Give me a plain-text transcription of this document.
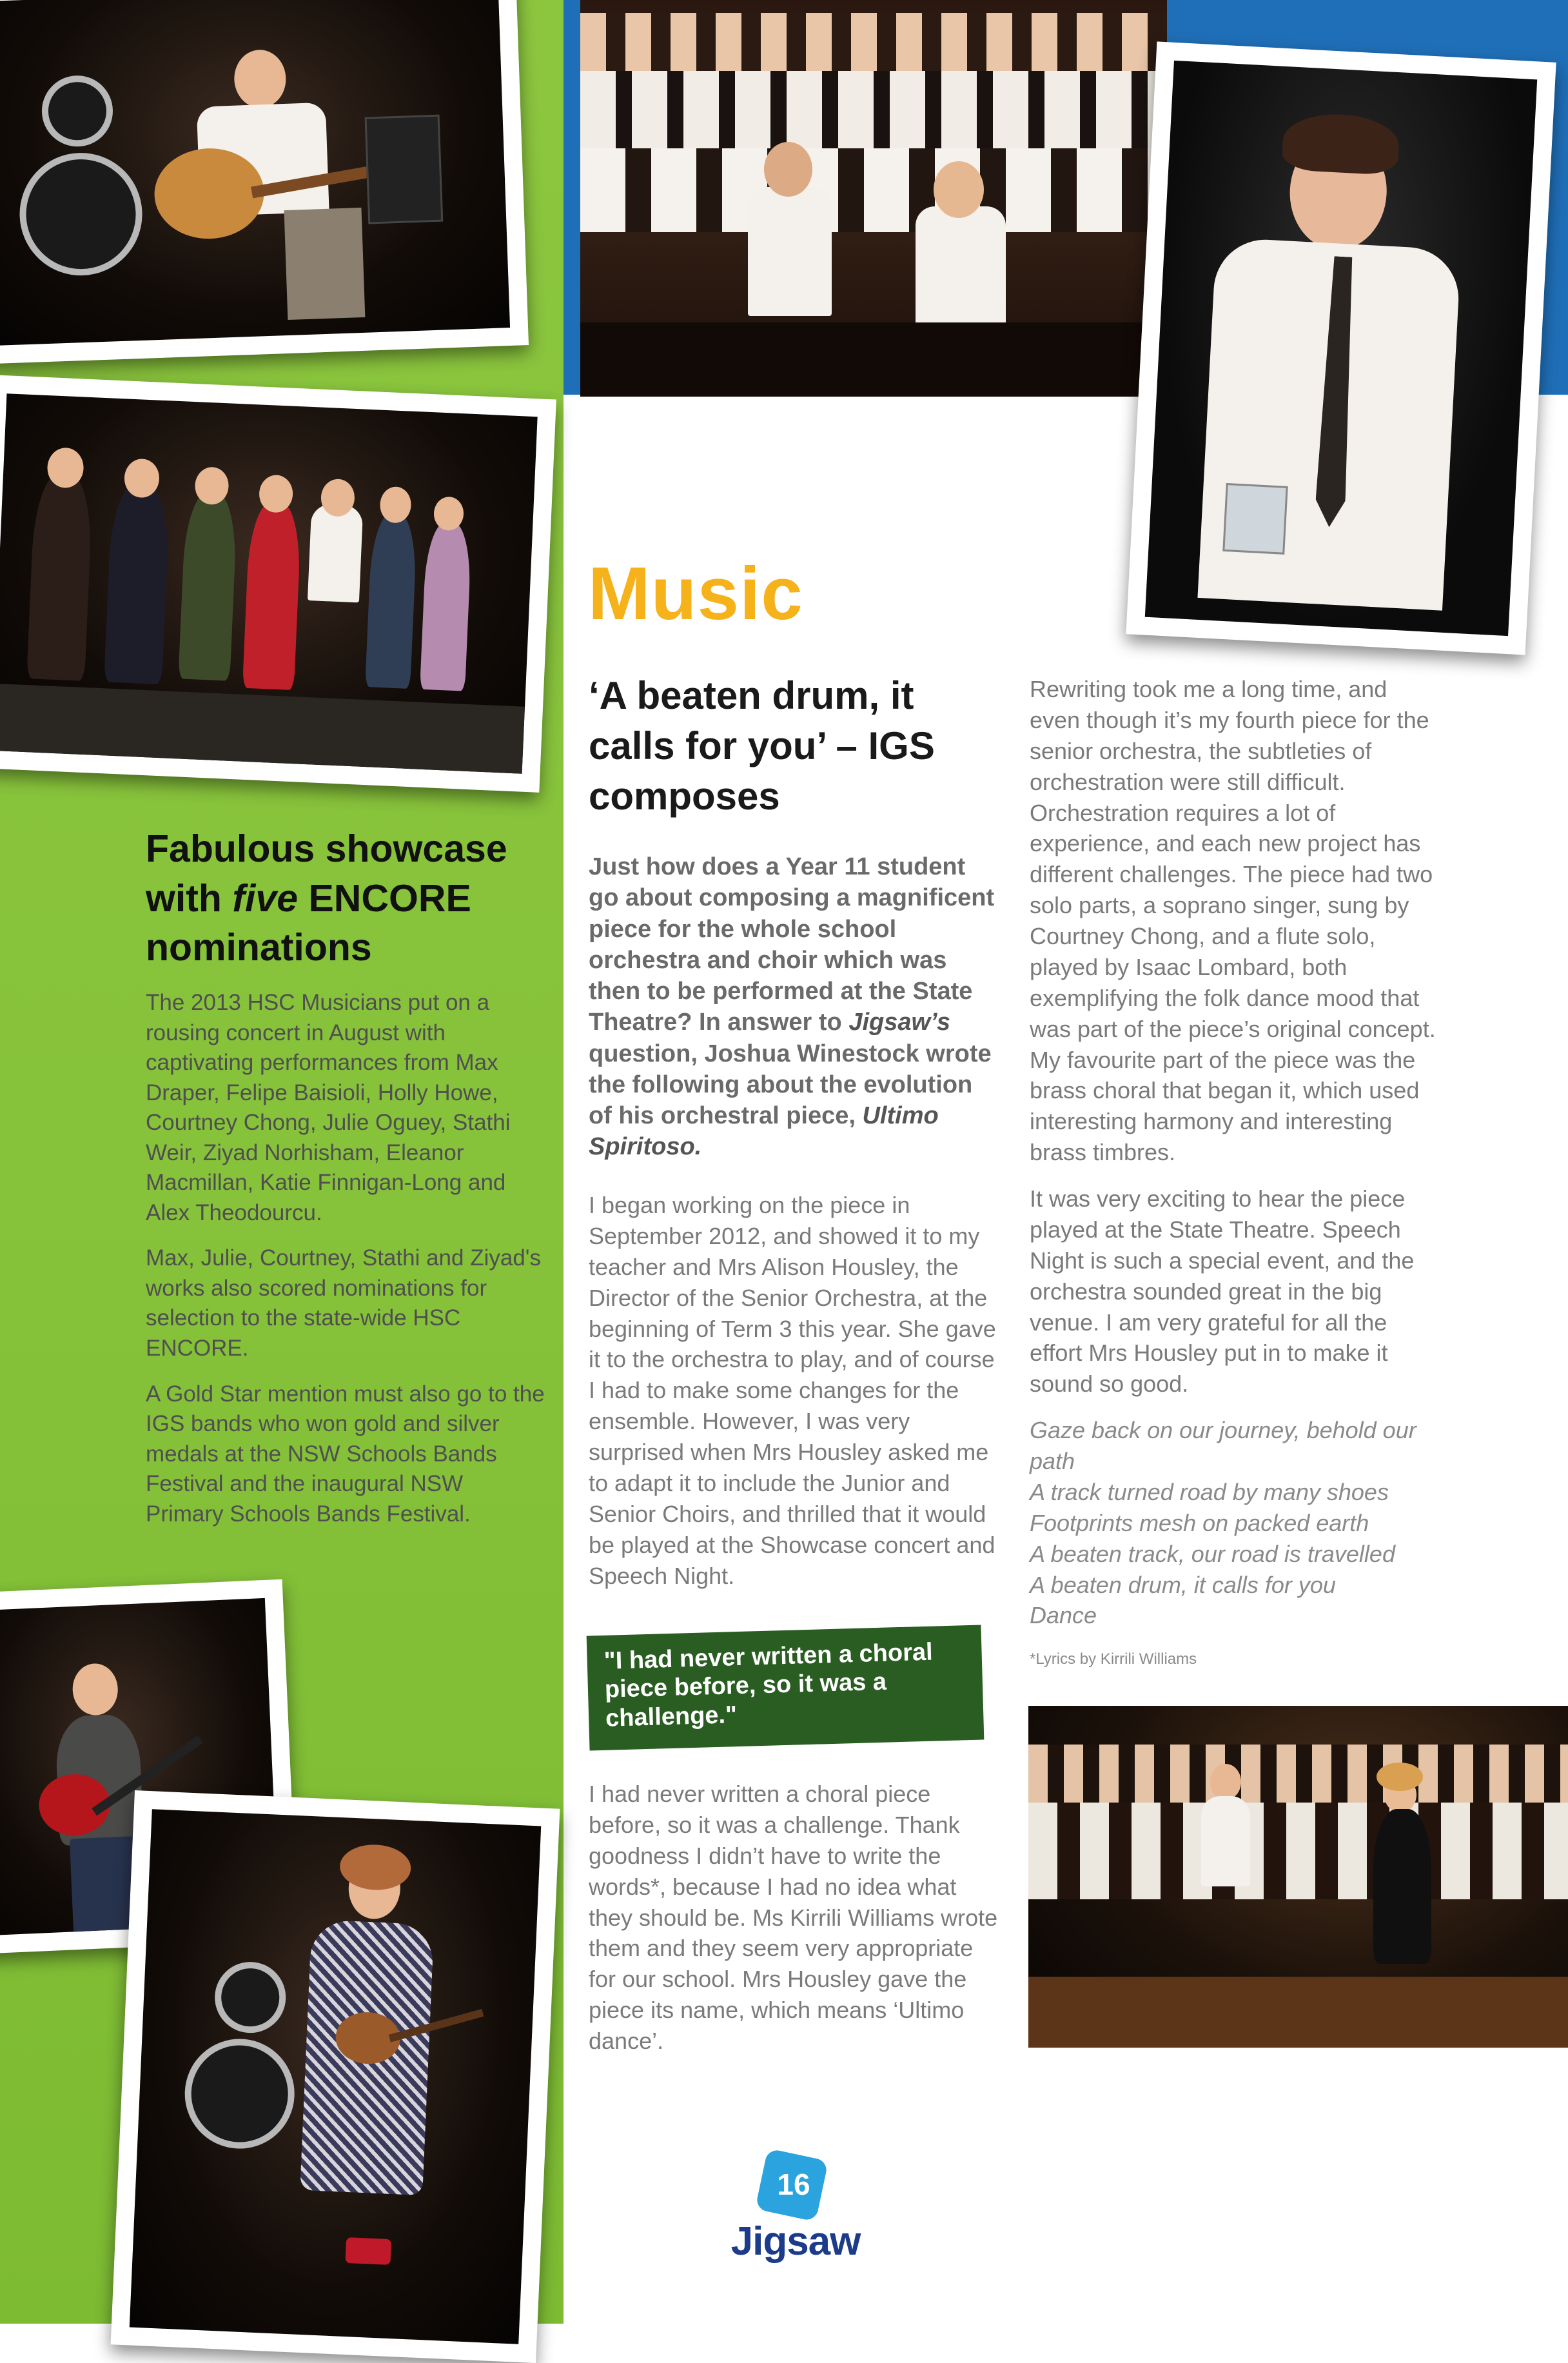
Fabulous showcase with five ENCORE nominations

The 2013 HSC Musicians put on a rousing concert in August with captivating performances from Max Draper, Felipe Baisioli, Holly Howe, Courtney Chong, Julie Oguey, Stathi Weir, Ziyad Norhisham, Eleanor Macmillan, Katie Finnigan-Long and Alex Theodourcu.

Max, Julie, Courtney, Stathi and Ziyad's works also scored nominations for selection to the state-wide HSC ENCORE.

A Gold Star mention must also go to the IGS bands who won gold and silver medals at the NSW Schools Bands Festival and the inaugural NSW Primary Schools Bands Festival.

Music
‘A beaten drum, it calls for you’ – IGS composes

Just how does a Year 11 student go about composing a magnificent piece for the whole school orchestra and choir which was then to be performed at the State Theatre? In answer to Jigsaw’s question, Joshua Winestock wrote the following about the evolution of his orchestral piece, Ultimo Spiritoso.

I began working on the piece in September 2012, and showed it to my teacher and Mrs Alison Housley, the Director of the Senior Orchestra, at the beginning of Term 3 this year. She gave it to the orchestra to play, and of course I had to make some changes for the ensemble. However, I was very surprised when Mrs Housley asked me to adapt it to include the Junior and Senior Choirs, and thrilled that it would be played at the Showcase concert and Speech Night.

"I had never written a choral piece before, so it was a challenge."

I had never written a choral piece before, so it was a challenge. Thank goodness I didn’t have to write the words*, because I had no idea what they should be. Ms Kirrili Williams wrote them and they seem very appropriate for our school. Mrs Housley gave the piece its name, which means ‘Ultimo dance’.

Rewriting took me a long time, and even though it’s my fourth piece for the senior orchestra, the subtleties of orchestration were still difficult. Orchestration requires a lot of experience, and each new project has different challenges. The piece had two solo parts, a soprano singer, sung by Courtney Chong, and a flute solo, played by Isaac Lombard, both exemplifying the folk dance mood that was part of the piece’s original concept. My favourite part of the piece was the brass choral that began it, which used interesting harmony and interesting brass timbres.

It was very exciting to hear the piece played at the State Theatre. Speech Night is such a special event, and the orchestra sounded great in the big venue. I am very grateful for all the effort Mrs Housley put in to make it sound so good.

Gaze back on our journey, behold our path
A track turned road by many shoes
Footprints mesh on packed earth
A beaten track, our road is travelled
A beaten drum, it calls for you
Dance

*Lyrics by Kirrili Williams

16
Jigsaw
